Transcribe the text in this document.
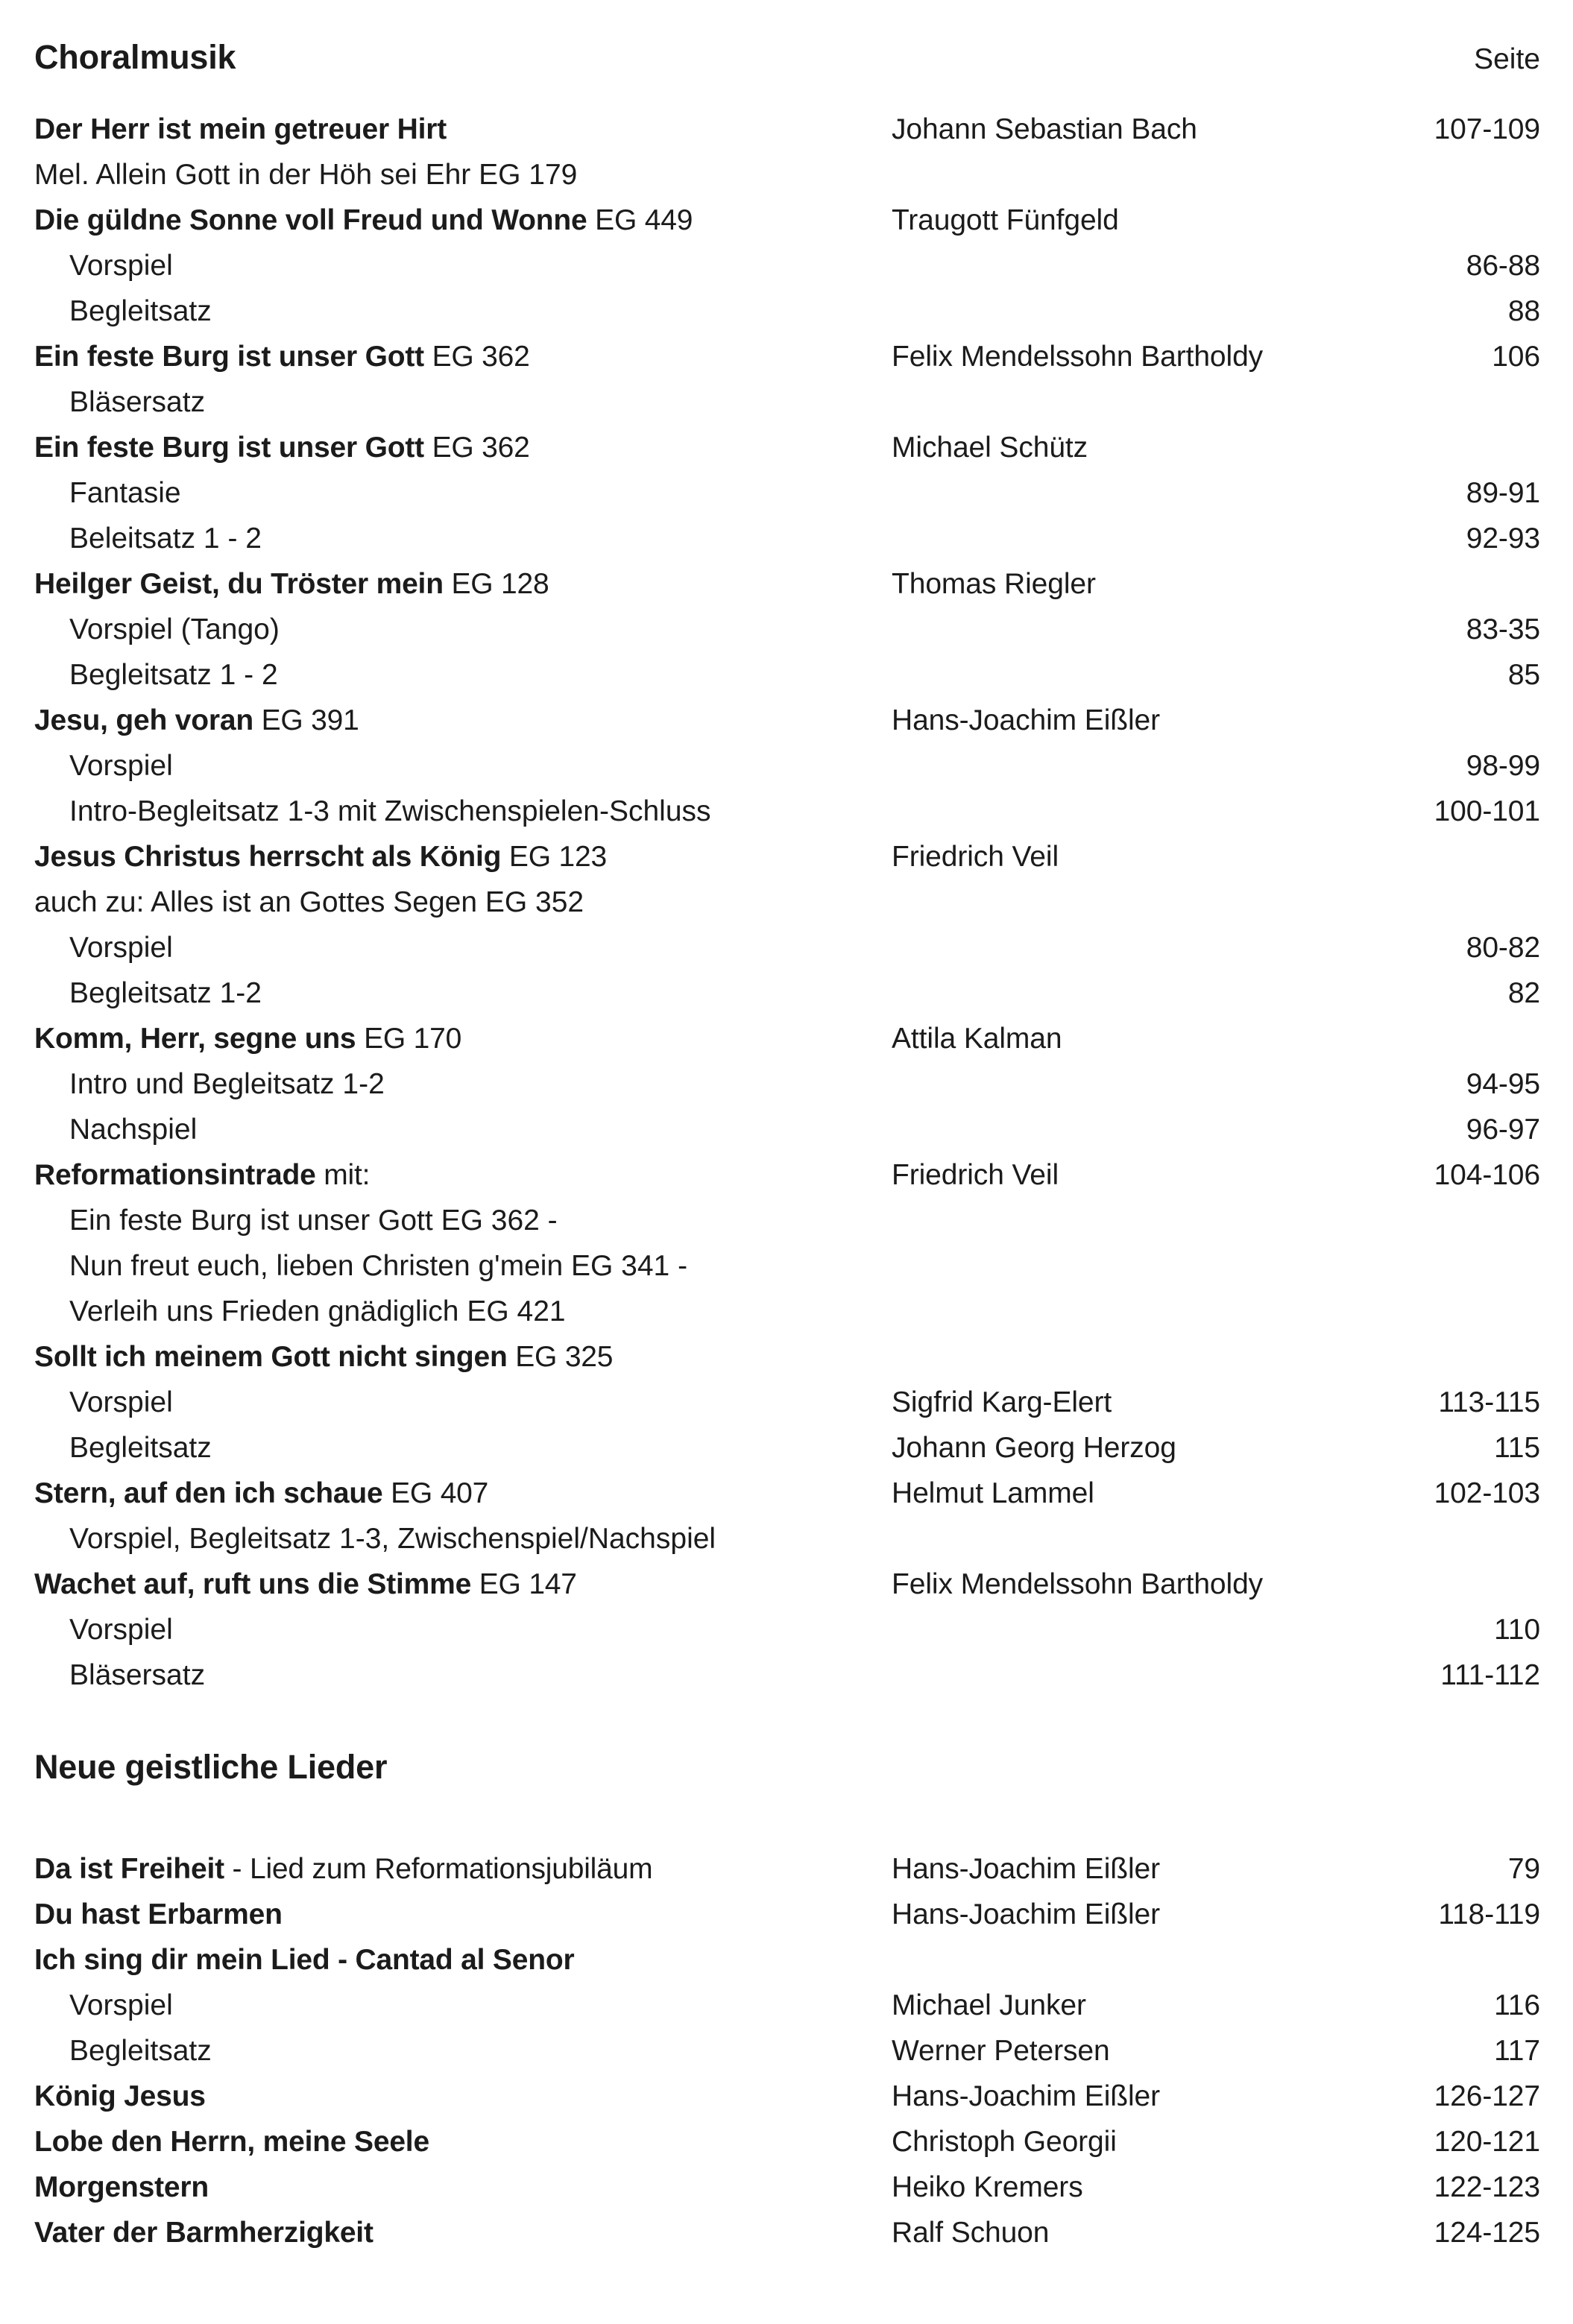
Choralmusik	Seite
Der Herr ist mein getreuer Hirt	Johann Sebastian Bach	107-109
Mel. Allein Gott in der Höh sei Ehr EG 179
Die güldne Sonne voll Freud und Wonne EG 449	Traugott Fünfgeld
Vorspiel	86-88
Begleitsatz	88
Ein feste Burg ist unser Gott EG 362	Felix Mendelssohn Bartholdy	106
Bläsersatz
Ein feste Burg ist unser Gott EG 362	Michael Schütz
Fantasie	89-91
Beleitsatz 1 - 2	92-93
Heilger Geist, du Tröster mein EG 128	Thomas Riegler
Vorspiel (Tango)	83-35
Begleitsatz 1 - 2	85
Jesu, geh voran EG 391	Hans-Joachim Eißler
Vorspiel	98-99
Intro-Begleitsatz 1-3 mit Zwischenspielen-Schluss	100-101
Jesus Christus herrscht als König EG 123	Friedrich Veil
auch zu: Alles ist an Gottes Segen EG 352
Vorspiel	80-82
Begleitsatz 1-2	82
Komm, Herr, segne uns EG 170	Attila Kalman
Intro und Begleitsatz 1-2	94-95
Nachspiel	96-97
Reformationsintrade mit:	Friedrich Veil	104-106
Ein feste Burg ist unser Gott EG 362 -
Nun freut euch, lieben Christen g'mein EG 341 -
Verleih uns Frieden gnädiglich EG 421
Sollt ich meinem Gott nicht singen EG 325
Vorspiel	Sigfrid Karg-Elert	113-115
Begleitsatz	Johann Georg Herzog	115
Stern, auf den ich schaue EG 407	Helmut Lammel	102-103
Vorspiel, Begleitsatz 1-3, Zwischenspiel/Nachspiel
Wachet auf, ruft uns die Stimme EG 147	Felix Mendelssohn Bartholdy
Vorspiel	110
Bläsersatz	111-112
Neue geistliche Lieder
Da ist Freiheit - Lied zum Reformationsjubiläum	Hans-Joachim Eißler	79
Du hast Erbarmen	Hans-Joachim Eißler	118-119
Ich sing dir mein Lied - Cantad al Senor
Vorspiel	Michael Junker	116
Begleitsatz	Werner Petersen	117
König Jesus	Hans-Joachim Eißler	126-127
Lobe den Herrn, meine Seele	Christoph Georgii	120-121
Morgenstern	Heiko Kremers	122-123
Vater der Barmherzigkeit	Ralf Schuon	124-125
